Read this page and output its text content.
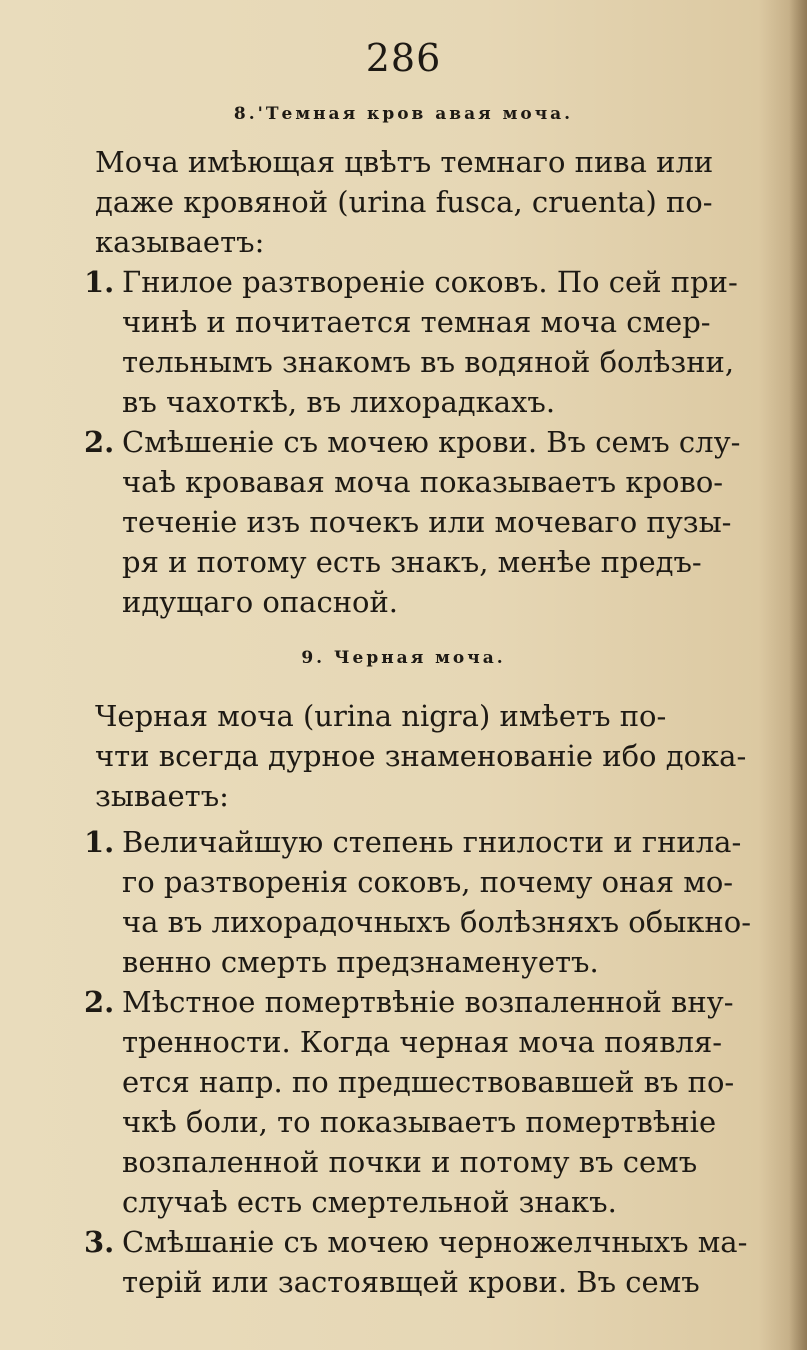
286
8.'Темная кров авая моча.
Моча имѣющая цвѣтъ темнаго пива или
даже кровяной (urina fusca, cruenta) по-
казываетъ:
1. Гнилое разтвореніе соковъ. По сей при-
чинѣ и почитается темная моча смер-
тельнымъ знакомъ въ водяной болѣзни,
въ чахоткѣ, въ лихорадкахъ.
2. Смѣшеніе съ мочею крови. Въ семъ слу-
чаѣ кровавая моча показываетъ крово-
теченіе изъ почекъ или мочеваго пузы-
ря и потому есть знакъ, менѣе предъ-
идущаго опасной.
9. Черная моча.
Черная моча (urina nigra) имѣетъ по-
чти всегда дурное знаменованіе ибо дока-
зываетъ:
1. Величайшую степень гнилости и гнила-
го разтворенія соковъ, почему оная мо-
ча въ лихорадочныхъ болѣзняхъ обыкно-
венно смерть предзнаменуетъ.
2. Мѣстное помертвѣніе возпаленной вну-
тренности. Когда черная моча появля-
ется напр. по предшествовавшей въ по-
чкѣ боли, то показываетъ помертвѣніе
возпаленной почки и потому въ семъ
случаѣ есть смертельной знакъ.
3. Смѣшаніе съ мочею черножелчныхъ ма-
терій или застоявщей крови. Въ семъ
